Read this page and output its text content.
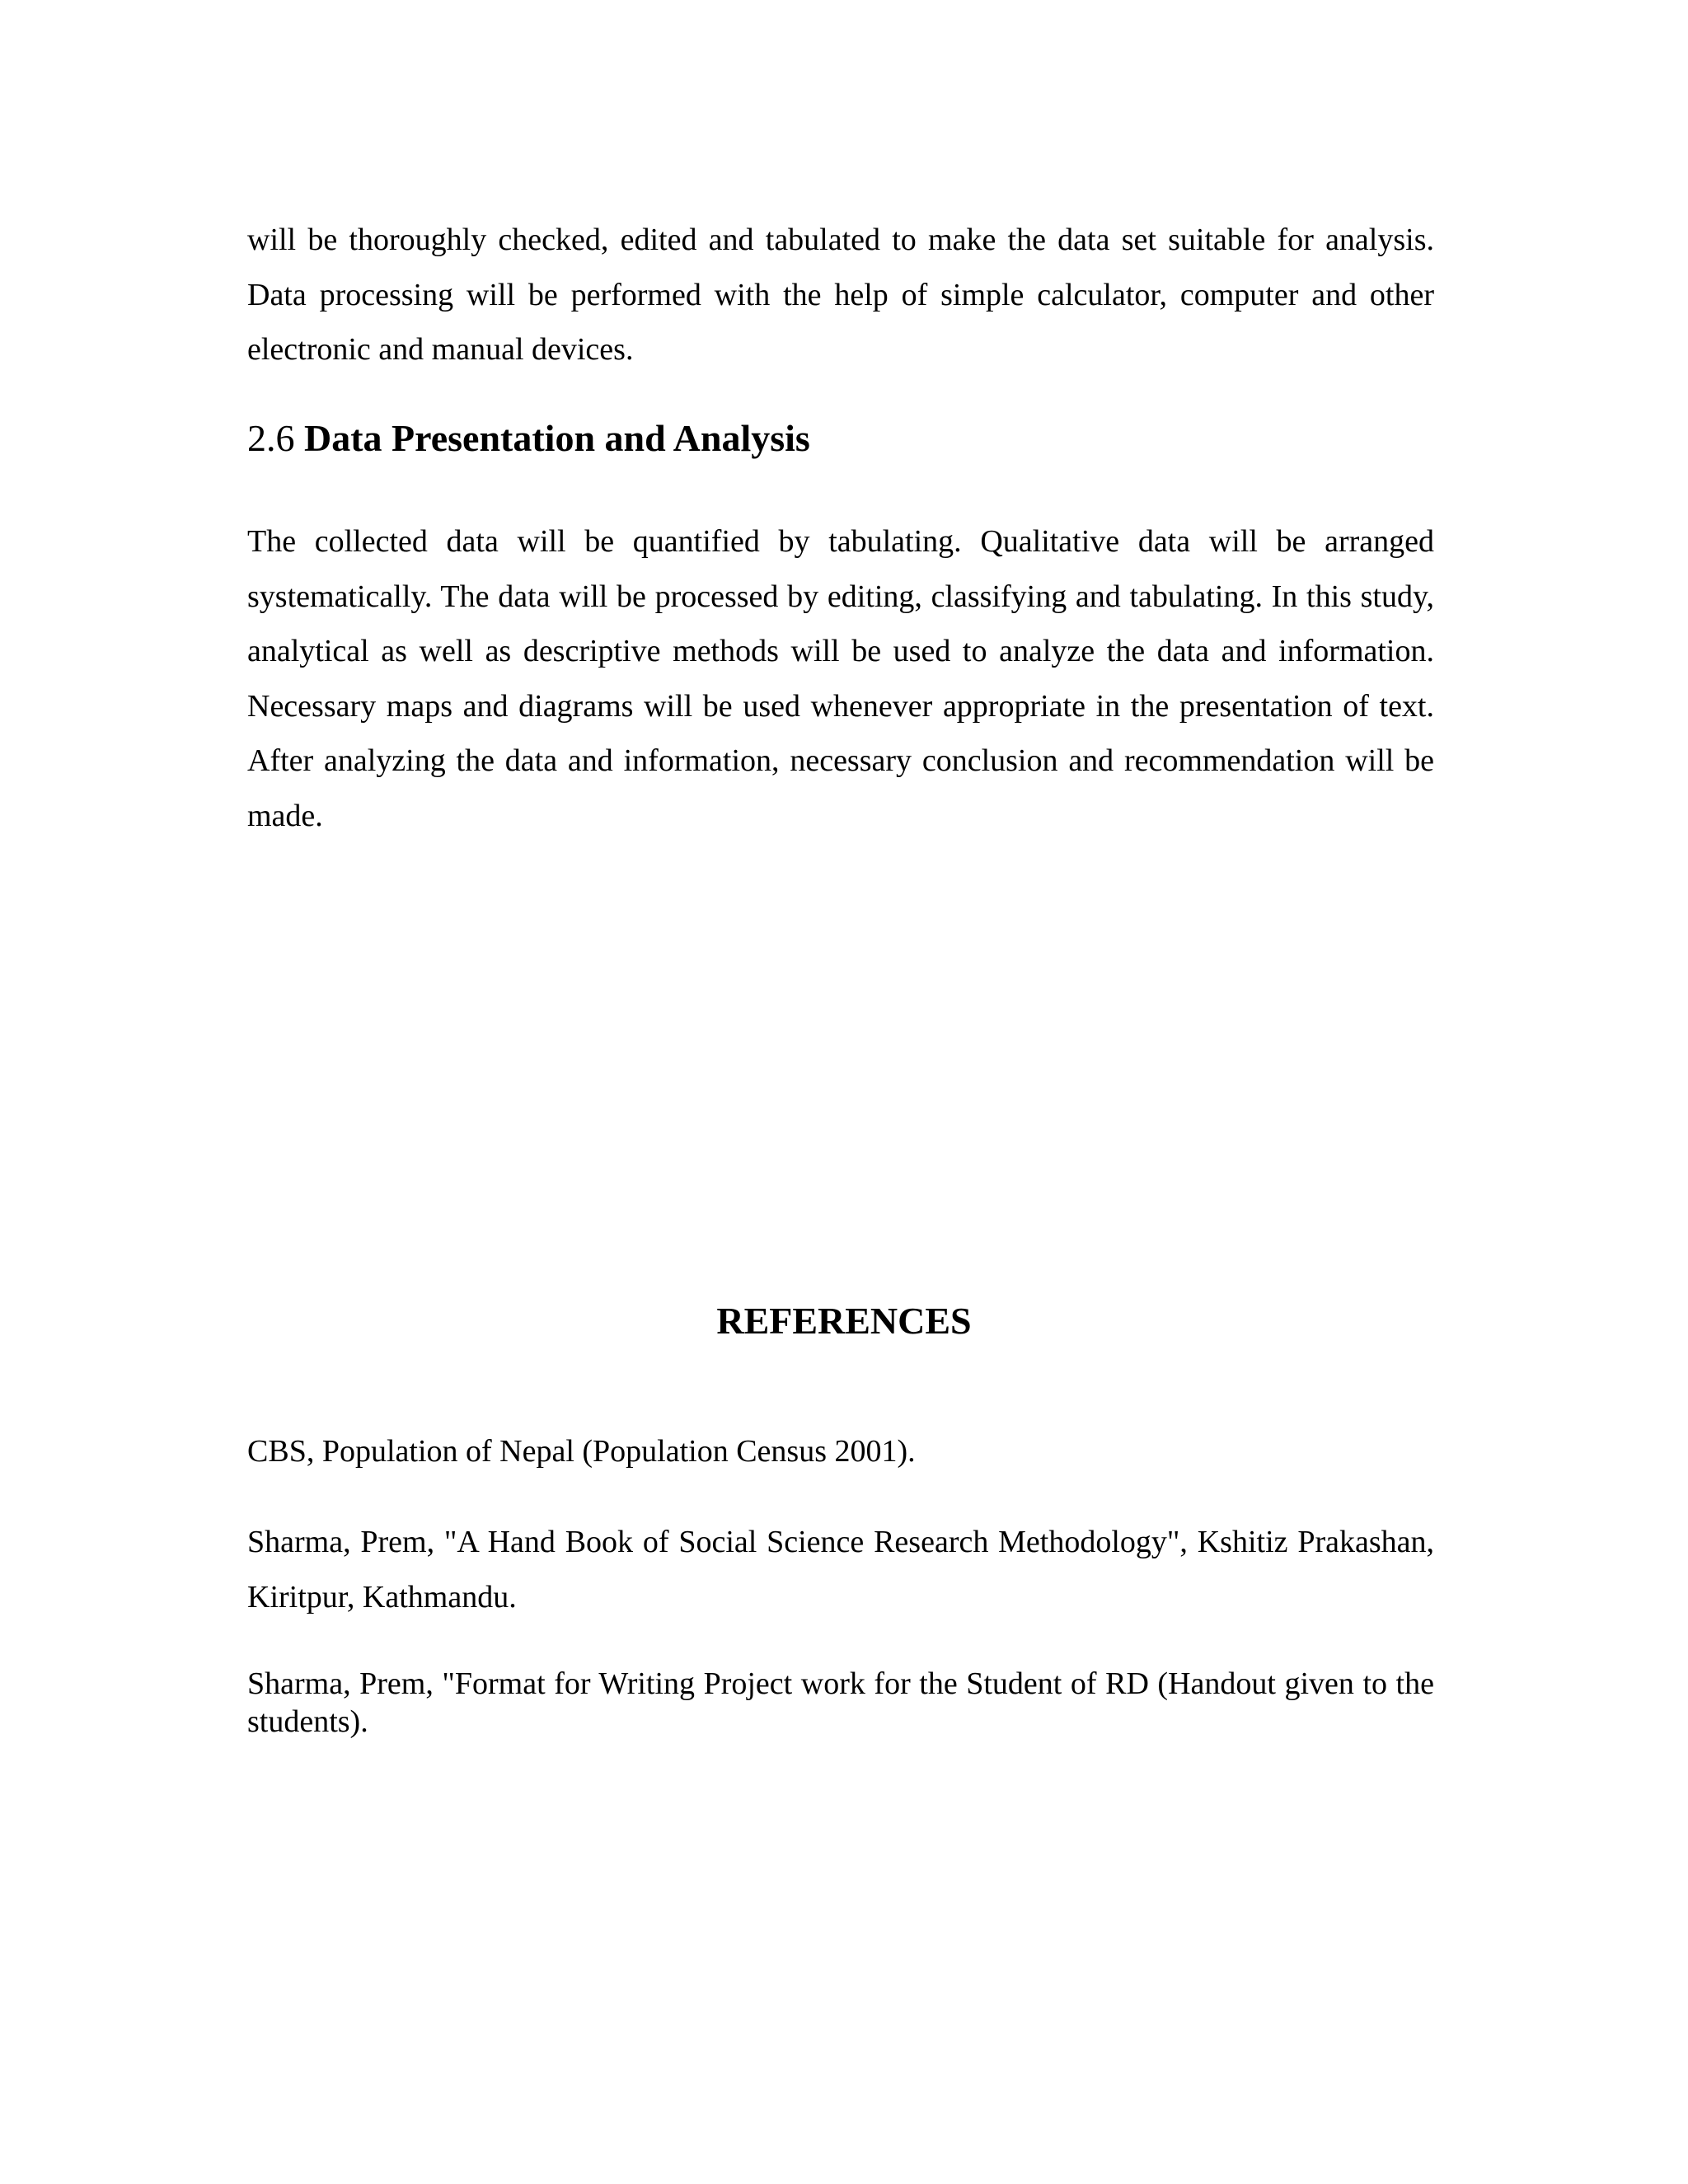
will be thoroughly checked, edited and tabulated to make the data set suitable for analysis. Data processing will be performed with the help of simple calculator, computer and other electronic and manual devices.

2.6 Data Presentation and Analysis

The collected data will be quantified by tabulating. Qualitative data will be arranged systematically. The data will be processed by editing, classifying and tabulating. In this study, analytical as well as descriptive methods will be used to analyze the data and information. Necessary maps and diagrams will be used whenever appropriate in the presentation of text. After analyzing the data and information, necessary conclusion and recommendation will be made.

REFERENCES

CBS, Population of Nepal (Population Census 2001).

Sharma, Prem, "A Hand Book of Social Science Research Methodology", Kshitiz Prakashan, Kiritpur, Kathmandu.

Sharma, Prem, "Format for Writing Project work for the Student of RD (Handout given to the students).
